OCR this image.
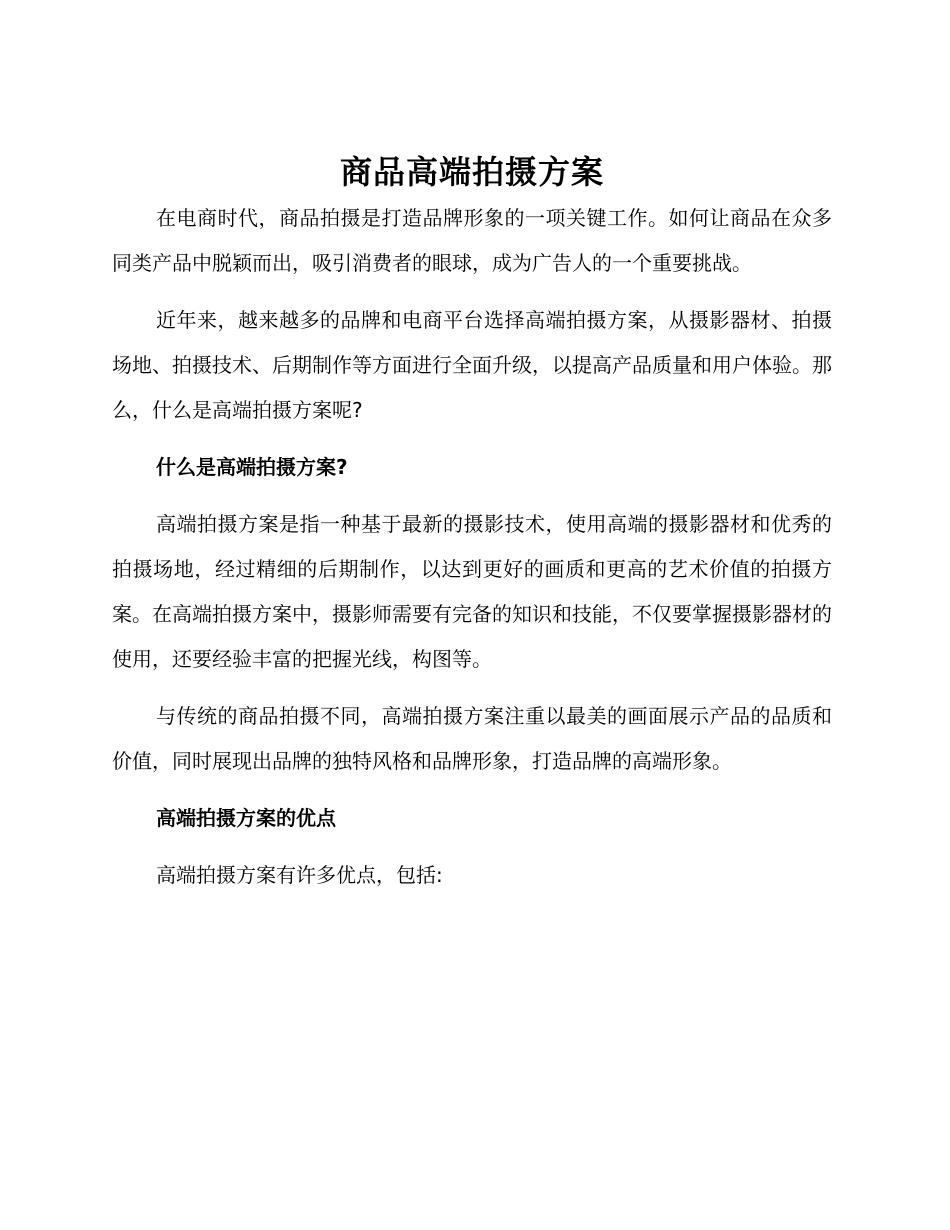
商品高端拍摄方案

在电商时代，商品拍摄是打造品牌形象的一项关键工作。如何让商品在众多同类产品中脱颖而出，吸引消费者的眼球，成为广告人的一个重要挑战。

近年来，越来越多的品牌和电商平台选择高端拍摄方案，从摄影器材、拍摄场地、拍摄技术、后期制作等方面进行全面升级，以提高产品质量和用户体验。那么，什么是高端拍摄方案呢?

什么是高端拍摄方案?

高端拍摄方案是指一种基于最新的摄影技术，使用高端的摄影器材和优秀的拍摄场地，经过精细的后期制作，以达到更好的画质和更高的艺术价值的拍摄方案。在高端拍摄方案中，摄影师需要有完备的知识和技能，不仅要掌握摄影器材的使用，还要经验丰富的把握光线，构图等。

与传统的商品拍摄不同，高端拍摄方案注重以最美的画面展示产品的品质和价值，同时展现出品牌的独特风格和品牌形象，打造品牌的高端形象。

高端拍摄方案的优点

高端拍摄方案有许多优点，包括:
